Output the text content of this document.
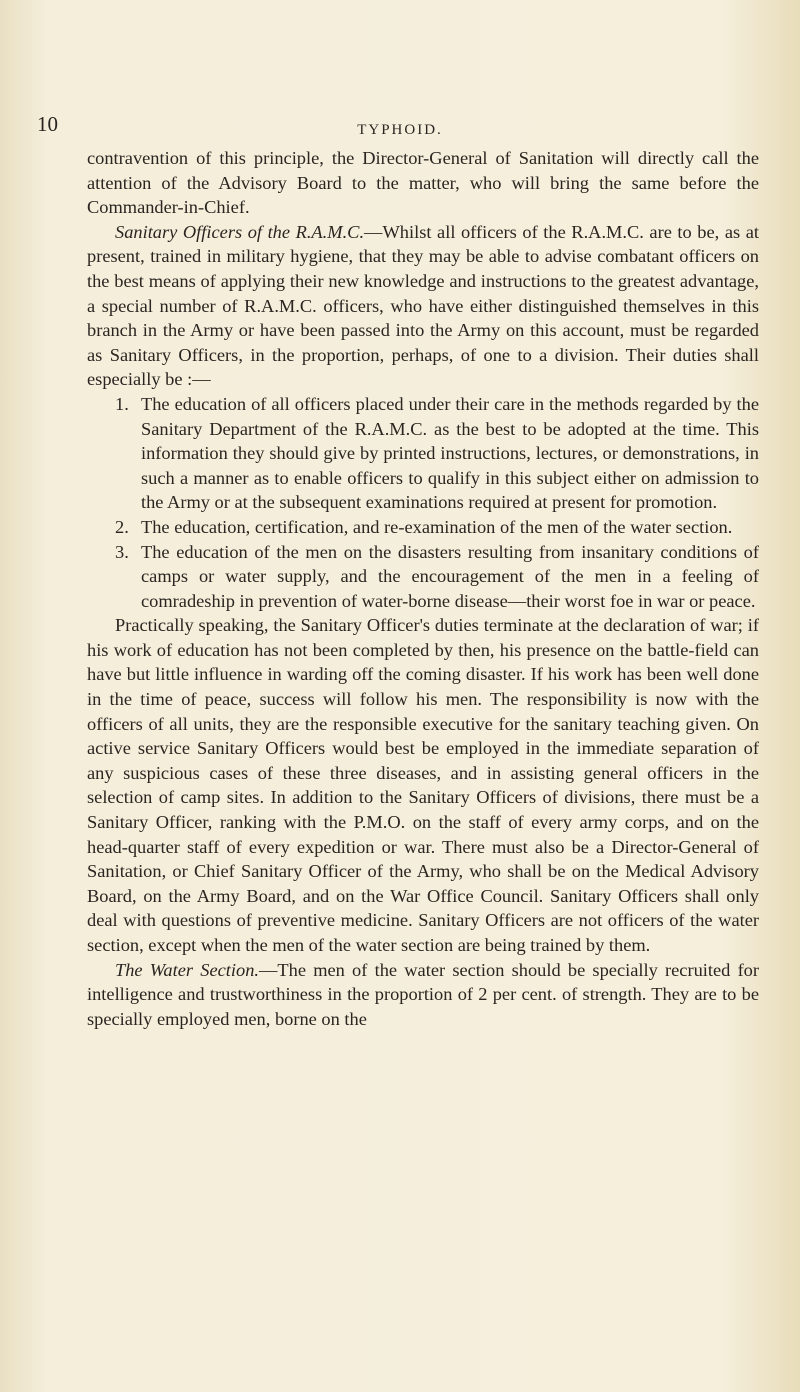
10	TYPHOID.

contravention of this principle, the Director-General of Sanitation will directly call the attention of the Advisory Board to the matter, who will bring the same before the Commander-in-Chief.

Sanitary Officers of the R.A.M.C.—Whilst all officers of the R.A.M.C. are to be, as at present, trained in military hygiene, that they may be able to advise combatant officers on the best means of applying their new knowledge and instructions to the greatest advantage, a special number of R.A.M.C. officers, who have either distinguished themselves in this branch in the Army or have been passed into the Army on this account, must be regarded as Sanitary Officers, in the proportion, perhaps, of one to a division. Their duties shall especially be :—

1. The education of all officers placed under their care in the methods regarded by the Sanitary Department of the R.A.M.C. as the best to be adopted at the time. This information they should give by printed instructions, lectures, or demonstrations, in such a manner as to enable officers to qualify in this subject either on admission to the Army or at the subsequent examinations required at present for promotion.
2. The education, certification, and re-examination of the men of the water section.
3. The education of the men on the disasters resulting from insanitary conditions of camps or water supply, and the encouragement of the men in a feeling of comradeship in prevention of water-borne disease—their worst foe in war or peace.

Practically speaking, the Sanitary Officer's duties terminate at the declaration of war; if his work of education has not been completed by then, his presence on the battle-field can have but little influence in warding off the coming disaster. If his work has been well done in the time of peace, success will follow his men. The responsibility is now with the officers of all units, they are the responsible executive for the sanitary teaching given. On active service Sanitary Officers would best be employed in the immediate separation of any suspicious cases of these three diseases, and in assisting general officers in the selection of camp sites. In addition to the Sanitary Officers of divisions, there must be a Sanitary Officer, ranking with the P.M.O. on the staff of every army corps, and on the head-quarter staff of every expedition or war. There must also be a Director-General of Sanitation, or Chief Sanitary Officer of the Army, who shall be on the Medical Advisory Board, on the Army Board, and on the War Office Council. Sanitary Officers shall only deal with questions of preventive medicine. Sanitary Officers are not officers of the water section, except when the men of the water section are being trained by them.

The Water Section.—The men of the water section should be specially recruited for intelligence and trustworthiness in the proportion of 2 per cent. of strength. They are to be specially employed men, borne on the
